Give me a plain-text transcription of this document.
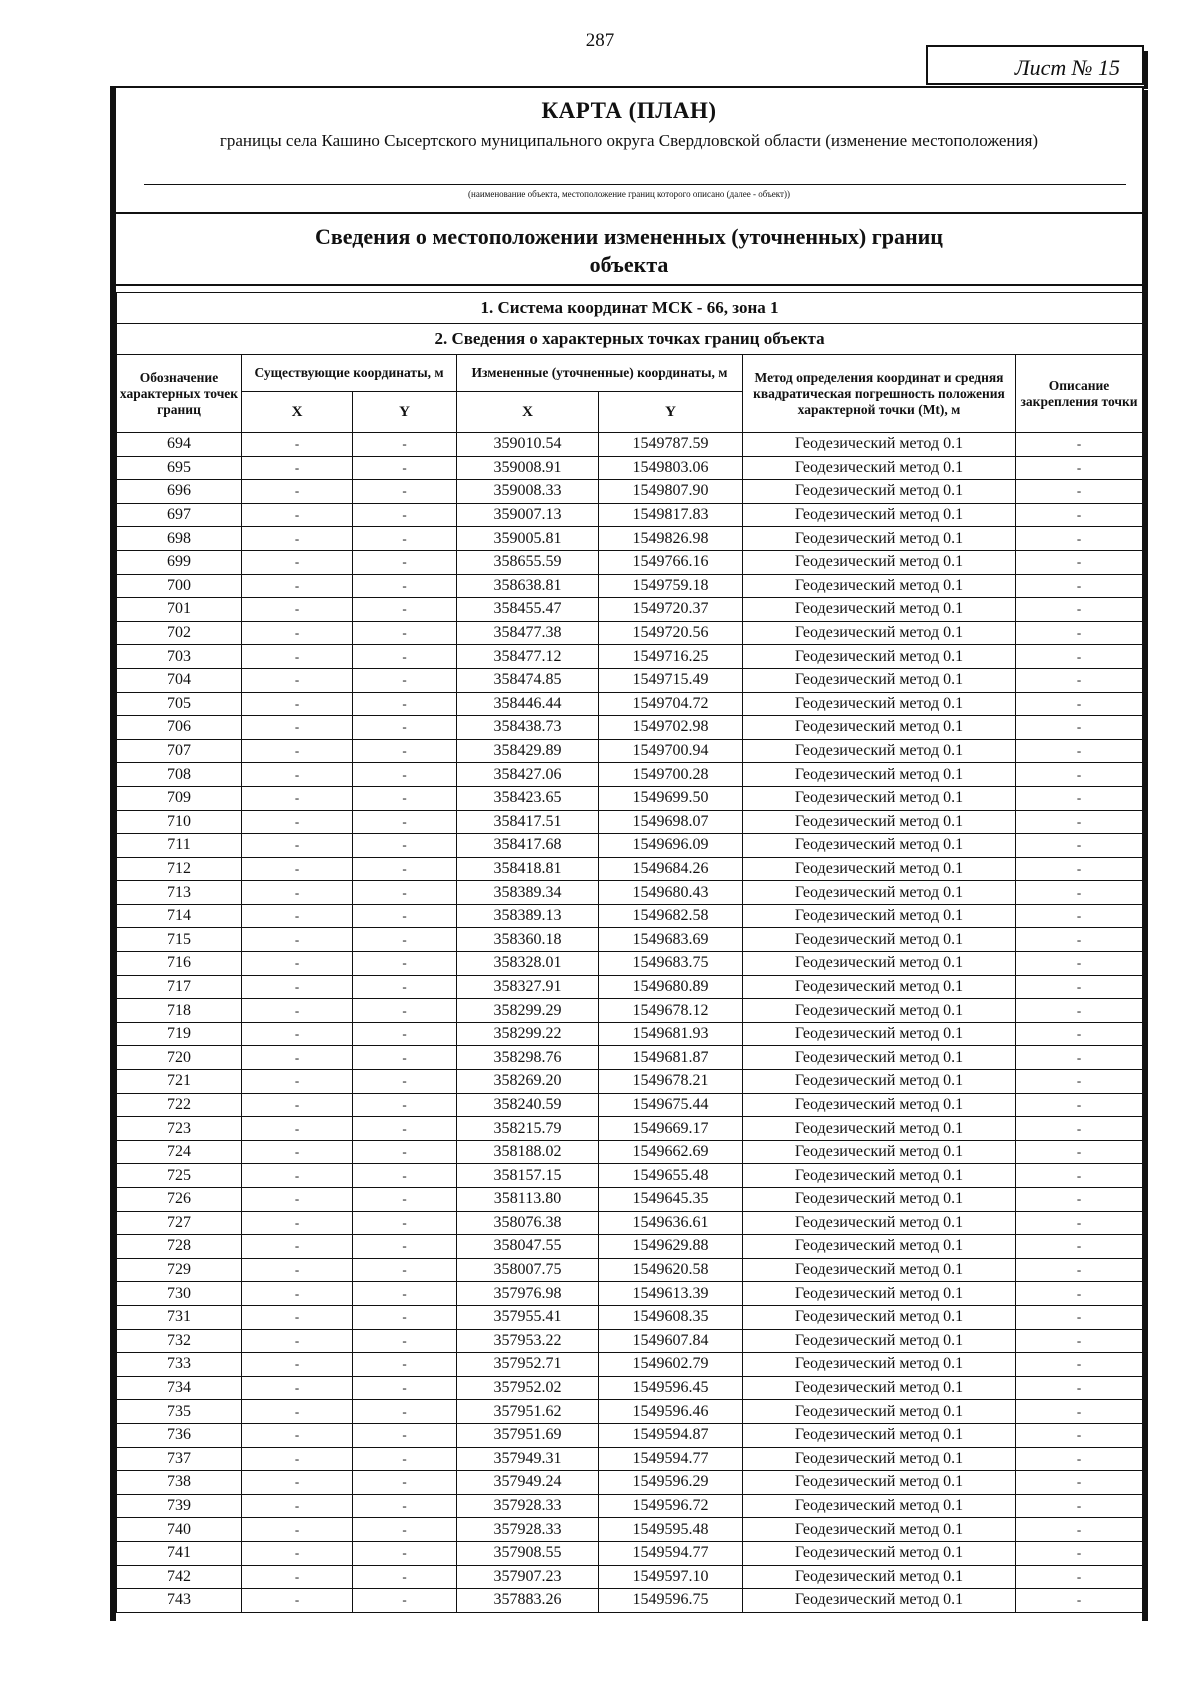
287
Лист № 15
КАРТА (ПЛАН)
границы села Кашино Сысертского муниципального округа Свердловской области (изменение местоположения)
(наименование объекта, местоположение границ которого описано (далее - объект))
Сведения о местоположении измененных (уточненных) границ объекта
1. Система координат МСК - 66, зона 1						
2. Сведения о характерных точках границ объекта						
Обозначение характерных точек границ	Существующие координаты, м		Измененные (уточненные) координаты, м		Метод определения координат и средняя квадратическая погрешность положения характерной точки (Mt), м	Описание закрепления точки
	X	Y	X	Y		
694	-	-	359010.54	1549787.59	Геодезический метод 0.1	-
695	-	-	359008.91	1549803.06	Геодезический метод 0.1	-
696	-	-	359008.33	1549807.90	Геодезический метод 0.1	-
697	-	-	359007.13	1549817.83	Геодезический метод 0.1	-
698	-	-	359005.81	1549826.98	Геодезический метод 0.1	-
699	-	-	358655.59	1549766.16	Геодезический метод 0.1	-
700	-	-	358638.81	1549759.18	Геодезический метод 0.1	-
701	-	-	358455.47	1549720.37	Геодезический метод 0.1	-
702	-	-	358477.38	1549720.56	Геодезический метод 0.1	-
703	-	-	358477.12	1549716.25	Геодезический метод 0.1	-
704	-	-	358474.85	1549715.49	Геодезический метод 0.1	-
705	-	-	358446.44	1549704.72	Геодезический метод 0.1	-
706	-	-	358438.73	1549702.98	Геодезический метод 0.1	-
707	-	-	358429.89	1549700.94	Геодезический метод 0.1	-
708	-	-	358427.06	1549700.28	Геодезический метод 0.1	-
709	-	-	358423.65	1549699.50	Геодезический метод 0.1	-
710	-	-	358417.51	1549698.07	Геодезический метод 0.1	-
711	-	-	358417.68	1549696.09	Геодезический метод 0.1	-
712	-	-	358418.81	1549684.26	Геодезический метод 0.1	-
713	-	-	358389.34	1549680.43	Геодезический метод 0.1	-
714	-	-	358389.13	1549682.58	Геодезический метод 0.1	-
715	-	-	358360.18	1549683.69	Геодезический метод 0.1	-
716	-	-	358328.01	1549683.75	Геодезический метод 0.1	-
717	-	-	358327.91	1549680.89	Геодезический метод 0.1	-
718	-	-	358299.29	1549678.12	Геодезический метод 0.1	-
719	-	-	358299.22	1549681.93	Геодезический метод 0.1	-
720	-	-	358298.76	1549681.87	Геодезический метод 0.1	-
721	-	-	358269.20	1549678.21	Геодезический метод 0.1	-
722	-	-	358240.59	1549675.44	Геодезический метод 0.1	-
723	-	-	358215.79	1549669.17	Геодезический метод 0.1	-
724	-	-	358188.02	1549662.69	Геодезический метод 0.1	-
725	-	-	358157.15	1549655.48	Геодезический метод 0.1	-
726	-	-	358113.80	1549645.35	Геодезический метод 0.1	-
727	-	-	358076.38	1549636.61	Геодезический метод 0.1	-
728	-	-	358047.55	1549629.88	Геодезический метод 0.1	-
729	-	-	358007.75	1549620.58	Геодезический метод 0.1	-
730	-	-	357976.98	1549613.39	Геодезический метод 0.1	-
731	-	-	357955.41	1549608.35	Геодезический метод 0.1	-
732	-	-	357953.22	1549607.84	Геодезический метод 0.1	-
733	-	-	357952.71	1549602.79	Геодезический метод 0.1	-
734	-	-	357952.02	1549596.45	Геодезический метод 0.1	-
735	-	-	357951.62	1549596.46	Геодезический метод 0.1	-
736	-	-	357951.69	1549594.87	Геодезический метод 0.1	-
737	-	-	357949.31	1549594.77	Геодезический метод 0.1	-
738	-	-	357949.24	1549596.29	Геодезический метод 0.1	-
739	-	-	357928.33	1549596.72	Геодезический метод 0.1	-
740	-	-	357928.33	1549595.48	Геодезический метод 0.1	-
741	-	-	357908.55	1549594.77	Геодезический метод 0.1	-
742	-	-	357907.23	1549597.10	Геодезический метод 0.1	-
743	-	-	357883.26	1549596.75	Геодезический метод 0.1	-
